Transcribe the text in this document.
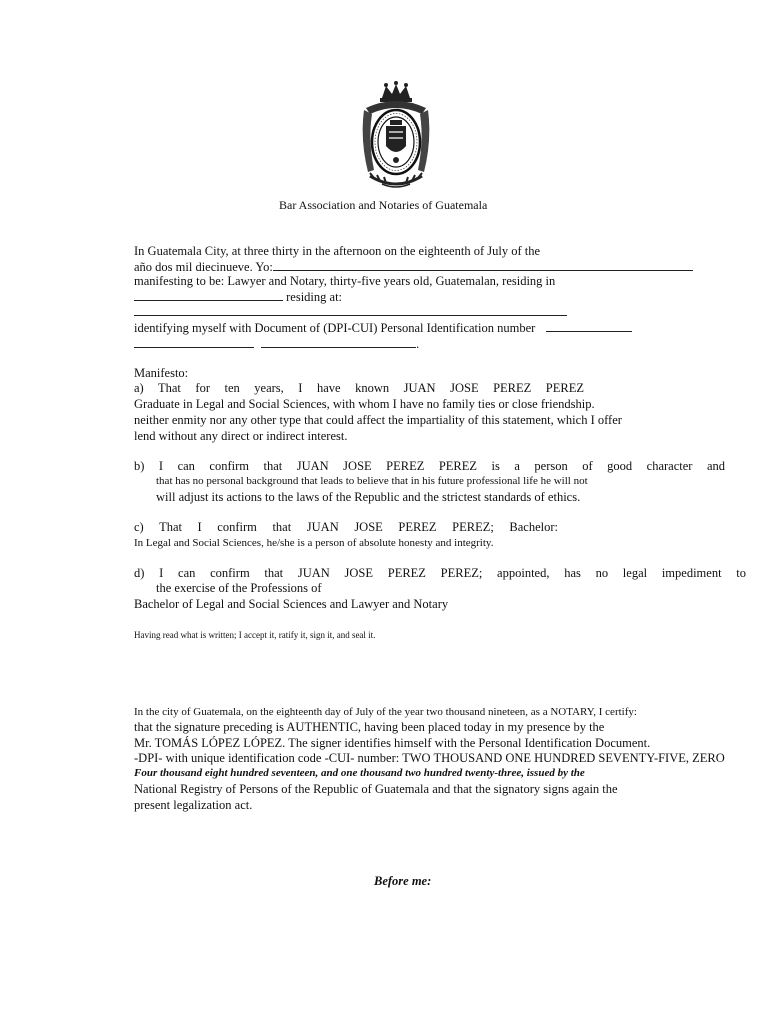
Bar Association and Notaries of Guatemala
In Guatemala City, at three thirty in the afternoon on the eighteenth of July of the
año dos mil diecinueve. Yo:
manifesting to be: Lawyer and Notary, thirty-five years old, Guatemalan, residing in
residing at:
identifying myself with Document of (DPI-CUI) Personal Identification number
.
Manifesto:
a) That for ten years, I have known JUAN JOSE PEREZ PEREZ
Graduate in Legal and Social Sciences, with whom I have no family ties or close friendship.
neither enmity nor any other type that could affect the impartiality of this statement, which I offer
lend without any direct or indirect interest.
b) I can confirm that JUAN JOSE PEREZ PEREZ is a person of good character and
that has no personal background that leads to believe that in his future professional life he will not
will adjust its actions to the laws of the Republic and the strictest standards of ethics.
c) That I confirm that JUAN JOSE PEREZ PEREZ; Bachelor:
In Legal and Social Sciences, he/she is a person of absolute honesty and integrity.
d) I can confirm that JUAN JOSE PEREZ PEREZ; appointed, has no legal impediment to
the exercise of the Professions of
Bachelor of Legal and Social Sciences and Lawyer and Notary
Having read what is written; I accept it, ratify it, sign it, and seal it.
In the city of Guatemala, on the eighteenth day of July of the year two thousand nineteen, as a NOTARY, I certify:
that the signature preceding is AUTHENTIC, having been placed today in my presence by the
Mr. TOMÁS LÓPEZ LÓPEZ. The signer identifies himself with the Personal Identification Document.
-DPI- with unique identification code -CUI- number: TWO THOUSAND ONE HUNDRED SEVENTY-FIVE, ZERO
Four thousand eight hundred seventeen, and one thousand two hundred twenty-three, issued by the
National Registry of Persons of the Republic of Guatemala and that the signatory signs again the
present legalization act.
Before me:
